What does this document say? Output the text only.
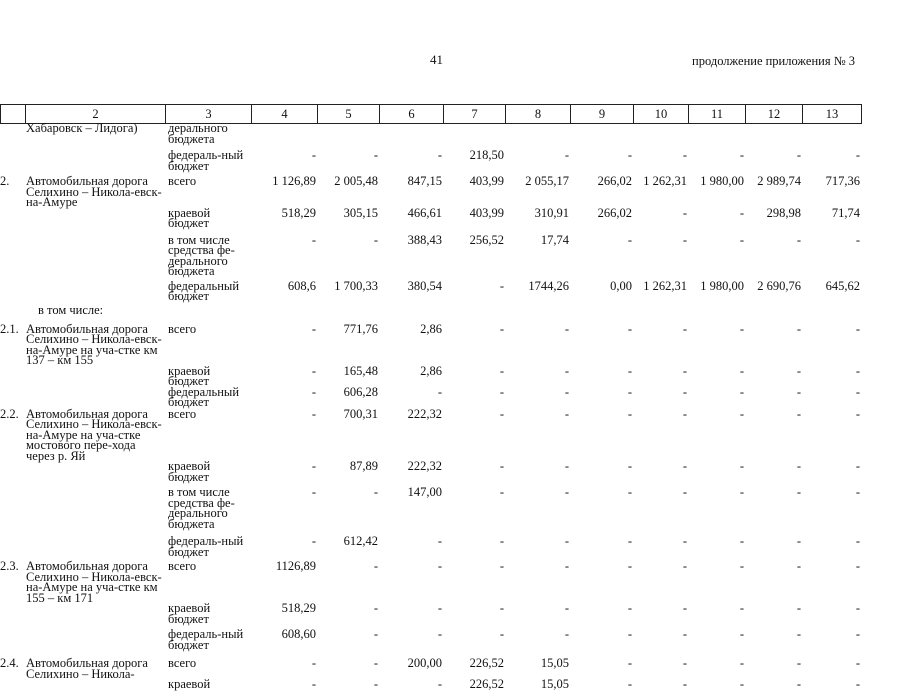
41	продолжение приложения № 3
	2	3	4	5	6	7	8	9	10	11	12	13
	Хабаровск – Лидога)	дерального бюджета										
		федераль-ный бюджет	-	-	-	218,50	-	-	-	-	-	-
2.	Автомобильная дорога Селихино – Никола-евск-на-Амуре	всего	1 126,89	2 005,48	847,15	403,99	2 055,17	266,02	1 262,31	1 980,00	2 989,74	717,36
		краевой бюджет	518,29	305,15	466,61	403,99	310,91	266,02	-	-	298,98	71,74
		в том числе средства фе-дерального бюджета	-	-	388,43	256,52	17,74	-	-	-	-	-
		федеральный бюджет	608,6	1 700,33	380,54	-	1744,26	0,00	1 262,31	1 980,00	2 690,76	645,62
в том числе:												
2.1.	Автомобильная дорога Селихино – Никола-евск-на-Амуре на уча-стке км 137 – км 155	всего	-	771,76	2,86	-	-	-	-	-	-	-
		краевой бюджет	-	165,48	2,86	-	-	-	-	-	-	-
		федеральный бюджет	-	606,28	-	-	-	-	-	-	-	-
2.2.	Автомобильная дорога Селихино – Никола-евск-на-Амуре на уча-стке мостового пере-хода через р. Яй	всего	-	700,31	222,32	-	-	-	-	-	-	-
		краевой бюджет	-	87,89	222,32	-	-	-	-	-	-	-
		в том числе средства фе-дерального бюджета	-	-	147,00	-	-	-	-	-	-	-
		федераль-ный бюджет	-	612,42	-	-	-	-	-	-	-	-
2.3.	Автомобильная дорога Селихино – Никола-евск-на-Амуре на уча-стке км 155 – км 171	всего	1126,89	-	-	-	-	-	-	-	-	-
		краевой бюджет	518,29	-	-	-	-	-	-	-	-	-
		федераль-ный бюджет	608,60	-	-	-	-	-	-	-	-	-
2.4.	Автомобильная дорога Селихино – Никола-	всего	-	-	200,00	226,52	15,05	-	-	-	-	-
		краевой	-	-	-	226,52	15,05	-	-	-	-	-
